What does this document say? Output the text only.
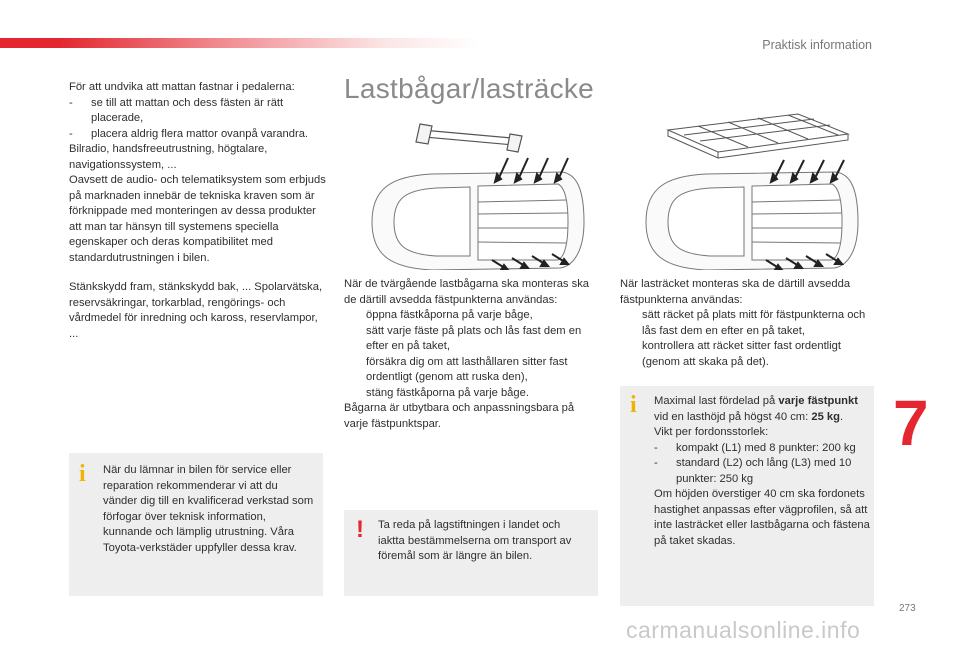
Praktisk information

För att undvika att mattan fastnar i pedalerna:

- se till att mattan och dess fästen är rätt placerade,
- placera aldrig flera mattor ovanpå varandra.

Bilradio, handsfreeutrustning, högtalare, navigationssystem, ...

Oavsett de audio- och telematiksystem som erbjuds på marknaden innebär de tekniska kraven som är förknippade med monteringen av dessa produkter att man tar hänsyn till systemens speciella egenskaper och deras kompatibilitet med standardutrustningen i bilen.

Stänkskydd fram, stänkskydd bak, ... Spolarvätska, reservsäkringar, torkarblad, rengörings- och vårdmedel för inredning och kaross, reservlampor, ...

i När du lämnar in bilen för service eller reparation rekommenderar vi att du vänder dig till en kvalificerad verkstad som förfogar över teknisk information, kunnande och lämplig utrustning. Våra Toyota-verkstäder uppfyller dessa krav.
Lastbågar/lasträcke

När de tvärgående lastbågarna ska monteras ska de därtill avsedda fästpunkterna användas:

öppna fästkåporna på varje båge,
sätt varje fäste på plats och lås fast dem en efter en på taket,
försäkra dig om att lasthållaren sitter fast ordentligt (genom att ruska den),
stäng fästkåporna på varje båge.

Bågarna är utbytbara och anpassningsbara på varje fästpunktspar.

! Ta reda på lagstiftningen i landet och iaktta bestämmelserna om transport av föremål som är längre än bilen.

När lasträcket monteras ska de därtill avsedda fästpunkterna användas:

sätt räcket på plats mitt för fästpunkterna och lås fast dem en efter en på taket,
kontrollera att räcket sitter fast ordentligt (genom att skaka på det).
i Maximal last fördelad på varje fästpunkt vid en lasthöjd på högst 40 cm: 25 kg.

Vikt per fordonsstorlek:

- kompakt (L1) med 8 punkter: 200 kg
- standard (L2) och lång (L3) med 10 punkter: 250 kg

Om höjden överstiger 40 cm ska fordonets hastighet anpassas efter vägprofilen, så att inte lasträcket eller lastbågarna och fästena på taket skadas.

7
273
carmanualsonline.info
